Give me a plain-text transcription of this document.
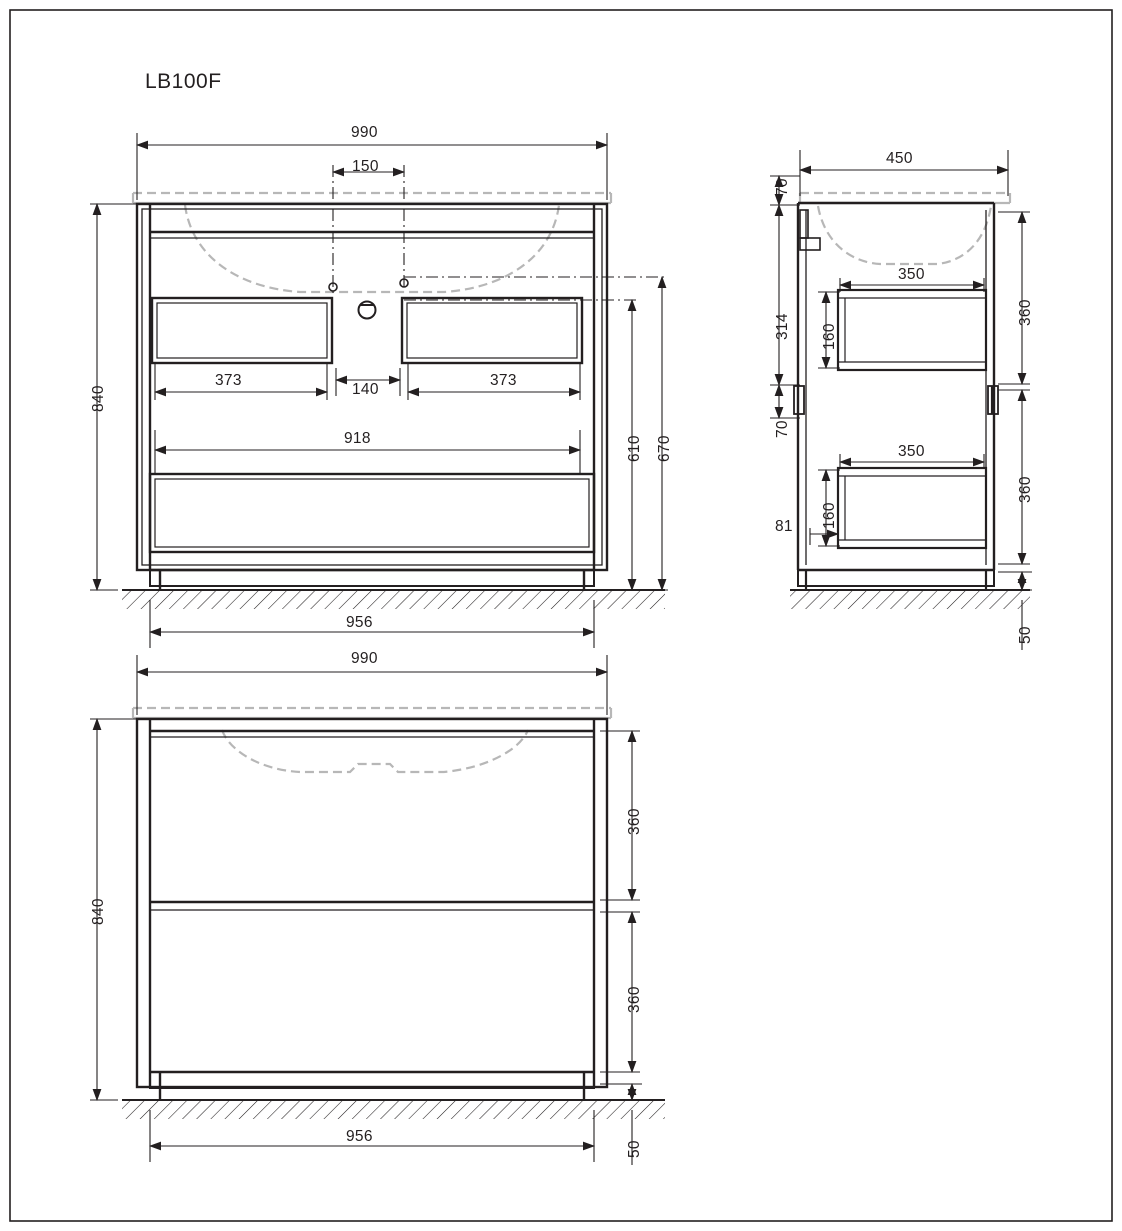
LB100F
990
150
840
373
140
373
918	610 670
956
450
70
314
70
350
160
360
350
160
360
81
50
990
840
360
360
956
50
